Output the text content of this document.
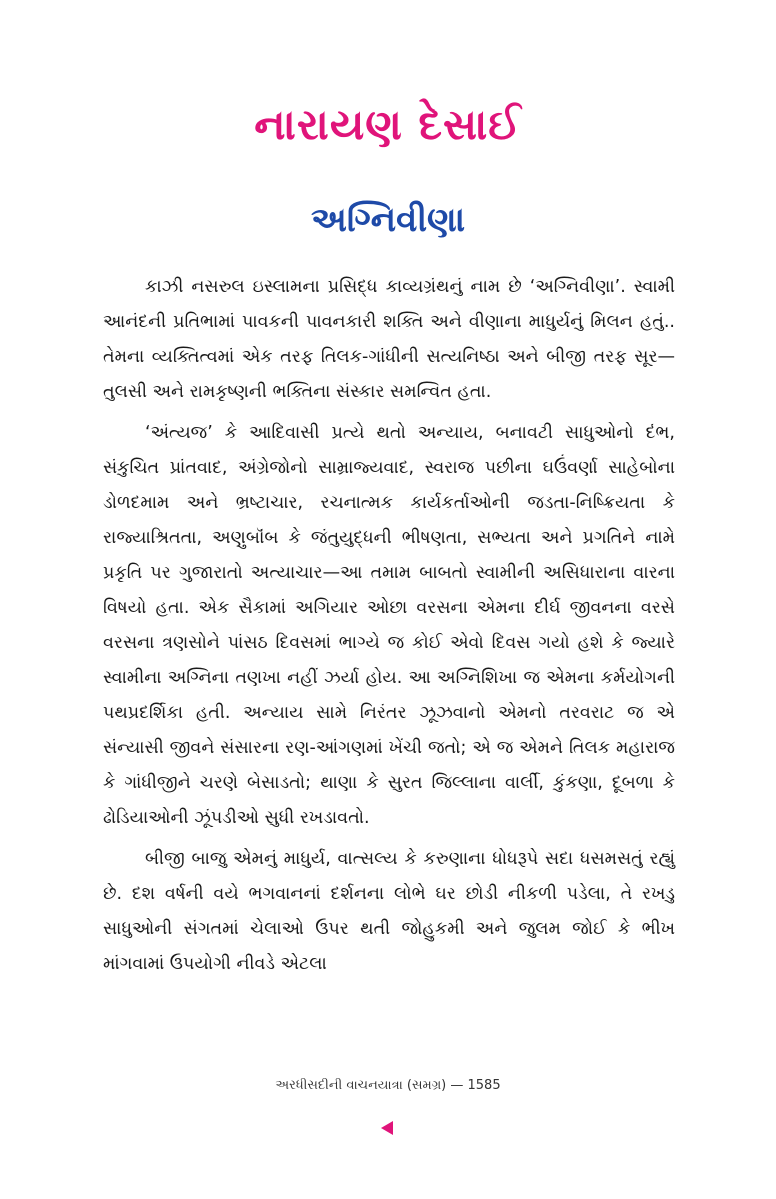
નારાયણ દેસાઈ
અગ્નિવીણા

કાઝી નસરુલ ઇસ્લામના પ્રસિદ્ધ કાવ્યગ્રંથનું નામ છે ‘અગ્નિવીણા’. સ્વામી આનંદની પ્રતિભામાં પાવકની પાવનકારી શક્તિ અને વીણાના માધુર્યનું મિલન હતું.. તેમના વ્યક્તિત્વમાં એક તરફ તિલક-ગાંધીની સત્યનિષ્ઠા અને બીજી તરફ સૂર—તુલસી અને રામકૃષ્ણની ભક્તિના સંસ્કાર સમન્વિત હતા.

‘અંત્યજ’ કે આદિવાસી પ્રત્યે થતો અન્યાય, બનાવટી સાધુઓનો દંભ, સંકુચિત પ્રાંતવાદ, અંગ્રેજોનો સામ્રાજ્યવાદ, સ્વરાજ પછીના ઘઉંવર્ણા સાહેબોના ડોળદમામ અને ભ્રષ્ટાચાર, રચનાત્મક કાર્યકર્તાઓની જડતા-નિષ્ક્રિયતા કે રાજ્યાશ્રિતતા, અણુબૉંબ કે જંતુયુદ્ધની ભીષણતા, સભ્યતા અને પ્રગતિને નામે પ્રકૃતિ પર ગુજારાતો અત્યાચાર—આ તમામ બાબતો સ્વામીની અસિધારાના વારના વિષયો હતા. એક સૈકામાં અગિયાર ઓછા વરસના એમના દીર્ઘ જીવનના વરસે વરસના ત્રણસોને પાંસઠ દિવસમાં ભાગ્યે જ કોઈ એવો દિવસ ગયો હશે કે જ્યારે સ્વામીના અગ્નિના તણખા નહીં ઝર્યા હોય. આ અગ્નિશિખા જ એમના કર્મયોગની પથપ્રદર્શિકા હતી. અન્યાય સામે નિરંતર ઝૂઝવાનો એમનો તરવરાટ જ એ સંન્યાસી જીવને સંસારના રણ-આંગણમાં ખેંચી જતો; એ જ એમને તિલક મહારાજ કે ગાંધીજીને ચરણે બેસાડતો; થાણા કે સુરત જિલ્લાના વાર્લી, કુંકણા, દૂબળા કે ઢોડિયાઓની ઝૂંપડીઓ સુધી રખડાવતો.

બીજી બાજુ એમનું માધુર્ય, વાત્સલ્ય કે કરુણાના ધોધરૂપે સદા ધસમસતું રહ્યું છે. દશ વર્ષની વયે ભગવાનનાં દર્શનના લોભે ઘર છોડી નીકળી પડેલા, તે રખડુ સાધુઓની સંગતમાં ચેલાઓ ઉપર થતી જોહુકમી અને જુલમ જોઈ કે ભીખ માંગવામાં ઉપયોગી નીવડે એટલા

અરધીસદીની વાચનયાત્રા (સમગ્ર) — 1585
